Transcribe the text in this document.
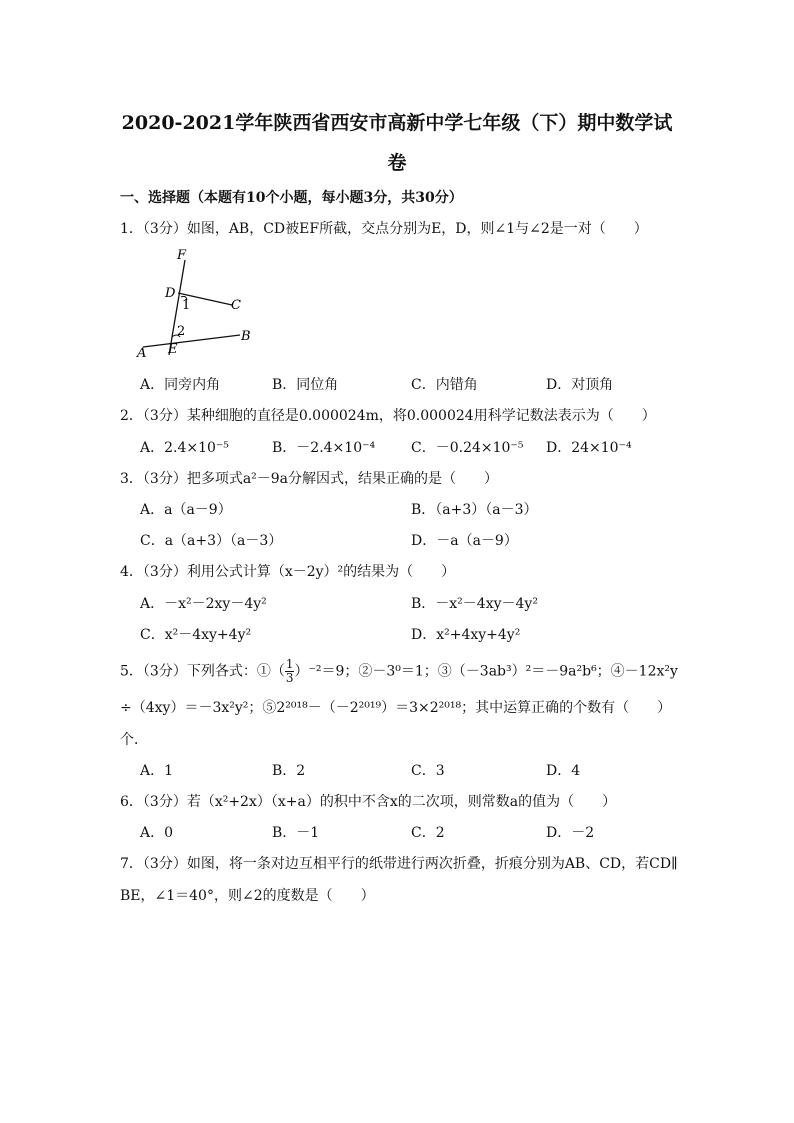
2020-2021学年陕西省西安市高新中学七年级（下）期中数学试
卷
一、选择题（本题有10个小题，每小题3分，共30分）
1．（3分）如图，AB，CD被EF所截，交点分别为E，D，则∠1与∠2是一对（　　）
F
D
C
1
2	B
A E
A．同旁内角	B．同位角	C．内错角	D．对顶角
2．（3分）某种细胞的直径是0.000024m，将0.000024用科学记数法表示为（　　）
A．2.4×10⁻⁵	B．－2.4×10⁻⁴	C．－0.24×10⁻⁵ D．24×10⁻⁴
3．（3分）把多项式a²－9a分解因式，结果正确的是（　　）
A．a（a－9）	B．（a+3）（a－3）
C．a（a+3）（a－3）	D．－a（a－9）
4．（3分）利用公式计算（x－2y）²的结果为（　　）
A．－x²－2xy－4y²	B．－x²－4xy－4y²
C．x²－4xy+4y²	D．x²+4xy+4y²
5．（3分）下列各式：①（ $\frac{1}{3} )^{-2}=9$；②－3⁰＝1；③（－3ab³）²＝－9a²b⁶；④－12x²y
÷（4xy）＝－3x²y²；⑤2²⁰¹⁸－（－2²⁰¹⁹）＝3×2²⁰¹⁸；其中运算正确的个数有（　　）
个．
A．1	B．2	C．3	D．4
6．（3分）若（x²+2x）（x+a）的积中不含x的二次项，则常数a的值为（　　）
A．0	B．－1	C．2	D．－2
7．（3分）如图，将一条对边互相平行的纸带进行两次折叠，折痕分别为AB、CD，若CD∥
BE，∠1＝40°，则∠2的度数是（　　）
